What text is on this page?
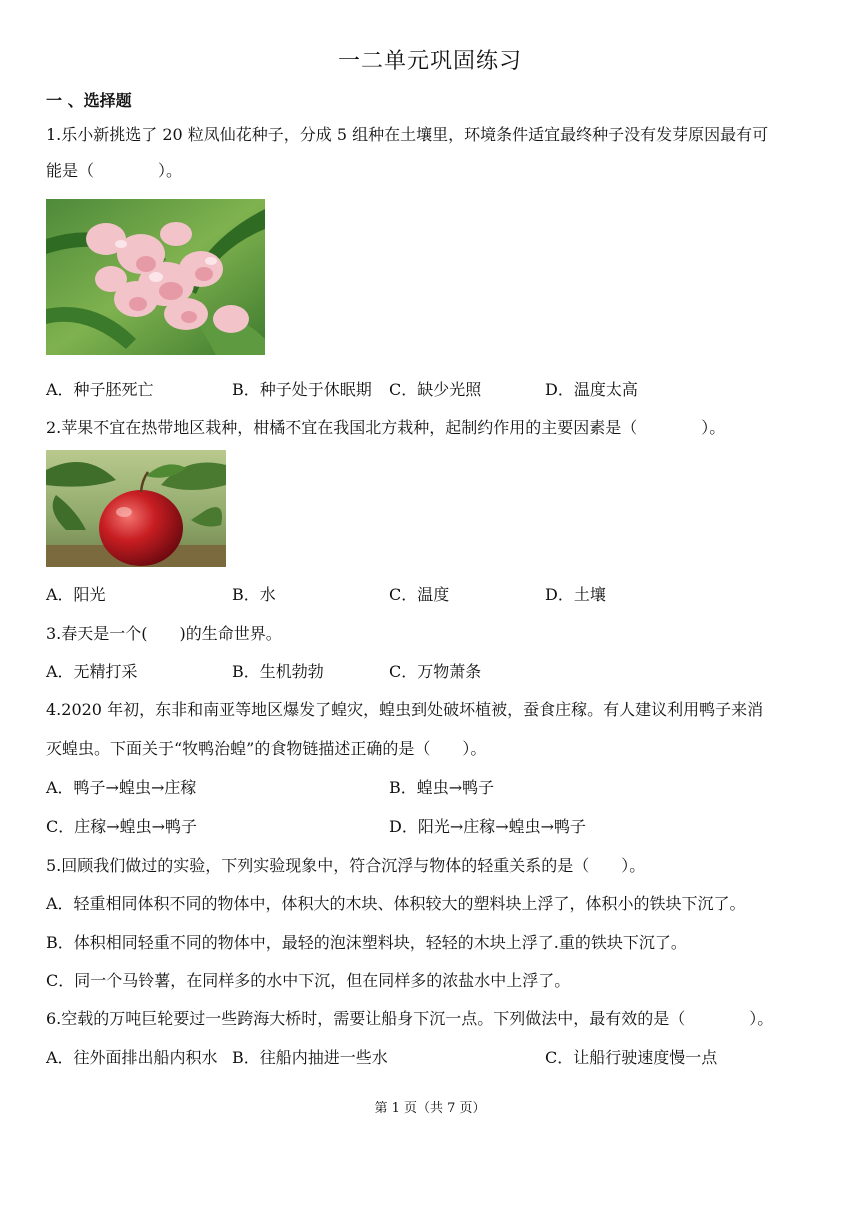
一二单元巩固练习
一 、选择题
1.乐小新挑选了 20 粒凤仙花种子，分成 5 组种在土壤里，环境条件适宜最终种子没有发芽原因最有可
能是（　　　　）。
A．种子胚死亡	B．种子处于休眠期 C．缺少光照	D．温度太高
2.苹果不宜在热带地区栽种，柑橘不宜在我国北方栽种，起制约作用的主要因素是（　　　　）。
A．阳光	B．水	C．温度	D．土壤
3.春天是一个(　　)的生命世界。
A．无精打采	B．生机勃勃	C．万物萧条
4.2020 年初，东非和南亚等地区爆发了蝗灾，蝗虫到处破坏植被，蚕食庄稼。有人建议利用鸭子来消
灭蝗虫。下面关于“牧鸭治蝗”的食物链描述正确的是（　　）。
A．鸭子→蝗虫→庄稼	B．蝗虫→鸭子
C．庄稼→蝗虫→鸭子	D．阳光→庄稼→蝗虫→鸭子
5.回顾我们做过的实验，下列实验现象中，符合沉浮与物体的轻重关系的是（　　）。
A．轻重相同体积不同的物体中，体积大的木块、体积较大的塑料块上浮了，体积小的铁块下沉了。
B．体积相同轻重不同的物体中，最轻的泡沫塑料块，轻轻的木块上浮了.重的铁块下沉了。
C．同一个马铃薯，在同样多的水中下沉，但在同样多的浓盐水中上浮了。
6.空载的万吨巨轮要过一些跨海大桥时，需要让船身下沉一点。下列做法中，最有效的是（　　　　）。
A．往外面排出船内积水 B．往船内抽进一些水	C．让船行驶速度慢一点
第 1 页（共 7 页）
